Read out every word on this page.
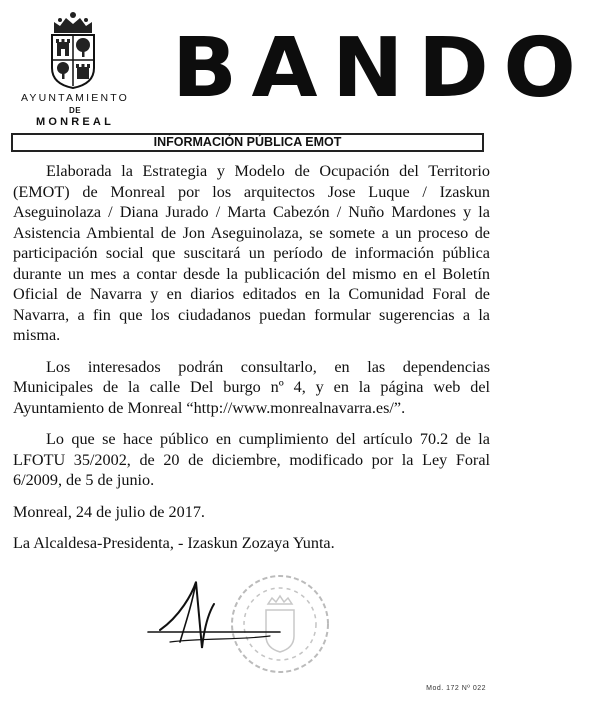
AYUNTAMIENTO
DE
MONREAL
BANDO
INFORMACIÓN PÚBLICA EMOT

Elaborada la Estrategia y Modelo de Ocupación del Territorio (EMOT) de Monreal por los arquitectos Jose Luque / Izaskun Aseguinolaza / Diana Jurado / Marta Cabezón / Nuño Mardones y la Asistencia Ambiental de Jon Aseguinolaza, se somete a un proceso de participación social que suscitará un período de información pública durante un mes a contar desde la publicación del mismo en el Boletín Oficial de Navarra y en diarios editados en la Comunidad Foral de Navarra, a fin que los ciudadanos puedan formular sugerencias a la misma.

Los interesados podrán consultarlo, en las dependencias Municipales de la calle Del burgo nº 4, y en la página web del Ayuntamiento de Monreal “http://www.monrealnavarra.es/”.

Lo que se hace público en cumplimiento del artículo 70.2 de la LFOTU 35/2002, de 20 de diciembre, modificado por la Ley Foral 6/2009, de 5 de junio.

Monreal, 24 de julio de 2017.

La Alcaldesa-Presidenta, - Izaskun Zozaya Yunta.

Mod. 172 Nº 022
